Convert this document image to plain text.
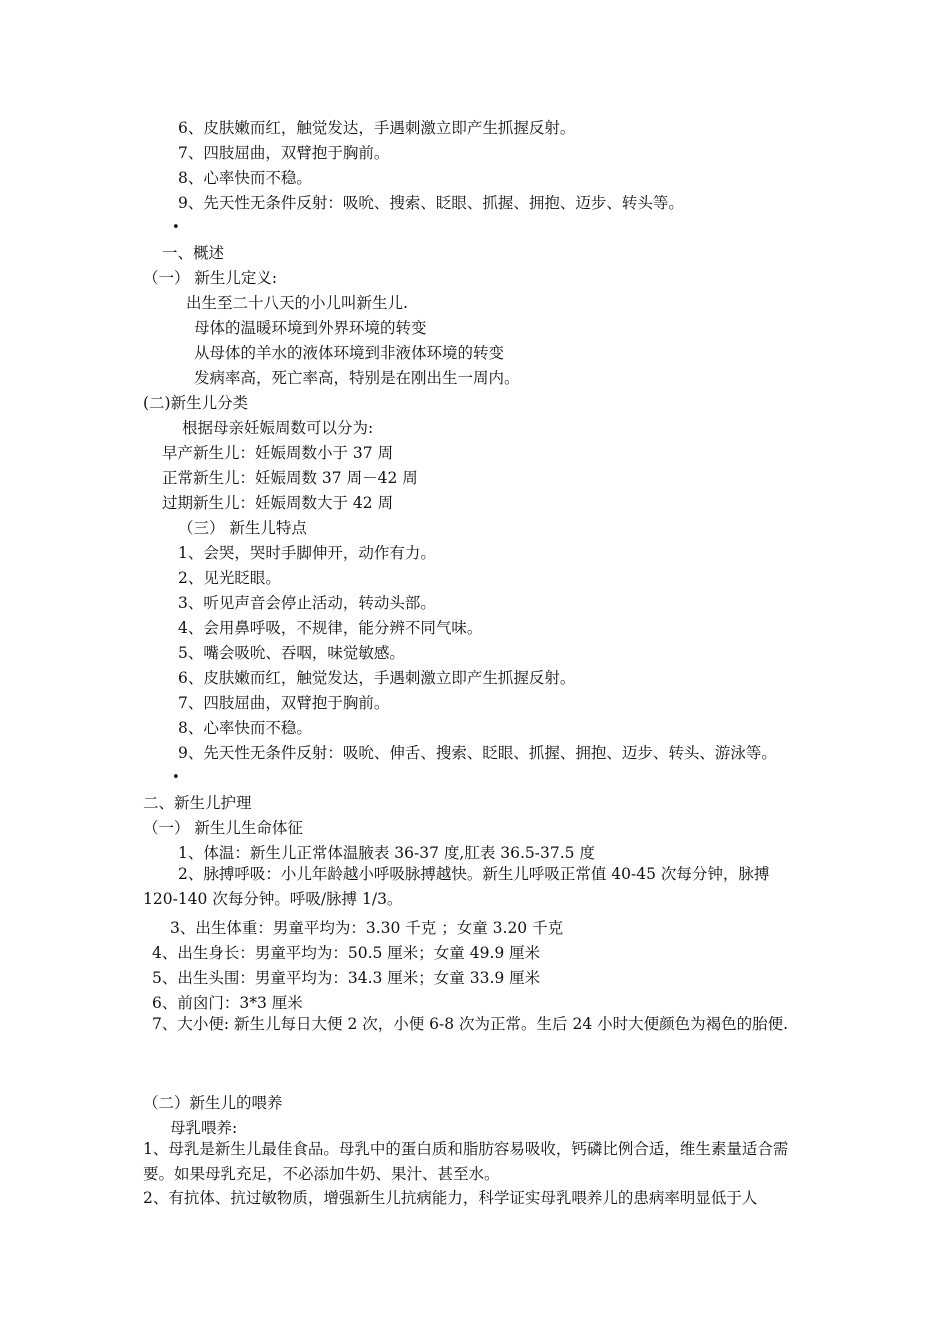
6、皮肤嫩而红，触觉发达，手遇刺激立即产生抓握反射。
7、四肢屈曲，双臂抱于胸前。
8、心率快而不稳。
9、先天性无条件反射：吸吮、搜索、眨眼、抓握、拥抱、迈步、转头等。
•
一、概述
（一） 新生儿定义:
出生至二十八天的小儿叫新生儿.
母体的温暖环境到外界环境的转变
从母体的羊水的液体环境到非液体环境的转变
发病率高，死亡率高，特别是在刚出生一周内。
(二)新生儿分类
根据母亲妊娠周数可以分为:
早产新生儿：妊娠周数小于 37 周
正常新生儿：妊娠周数 37 周－42 周
过期新生儿：妊娠周数大于 42 周
（三） 新生儿特点
1、会哭，哭时手脚伸开，动作有力。
2、见光眨眼。
3、听见声音会停止活动，转动头部。
4、会用鼻呼吸，不规律，能分辨不同气味。
5、嘴会吸吮、吞咽，味觉敏感。
6、皮肤嫩而红，触觉发达，手遇刺激立即产生抓握反射。
7、四肢屈曲，双臂抱于胸前。
8、心率快而不稳。
9、先天性无条件反射：吸吮、伸舌、搜索、眨眼、抓握、拥抱、迈步、转头、游泳等。
•
二、新生儿护理
（一） 新生儿生命体征
1、体温：新生儿正常体温腋表 36-37 度,肛表 36.5-37.5 度
2、脉搏呼吸：小儿年龄越小呼吸脉搏越快。新生儿呼吸正常值 40-45 次每分钟，脉搏 120-140 次每分钟。呼吸/脉搏 1/3。
3、出生体重：男童平均为：3.30 千克 ；女童 3.20 千克
4、出生身长：男童平均为：50.5 厘米；女童 49.9 厘米
5、出生头围：男童平均为：34.3 厘米；女童 33.9 厘米
6、前囟门：3*3 厘米
7、大小便: 新生儿每日大便 2 次，小便 6-8 次为正常。生后 24 小时大便颜色为褐色的胎便.
（二）新生儿的喂养
母乳喂养:
1、母乳是新生儿最佳食品。母乳中的蛋白质和脂肪容易吸收，钙磷比例合适，维生素量适合需要。如果母乳充足，不必添加牛奶、果汁、甚至水。
2、有抗体、抗过敏物质，增强新生儿抗病能力，科学证实母乳喂养儿的患病率明显低于人
